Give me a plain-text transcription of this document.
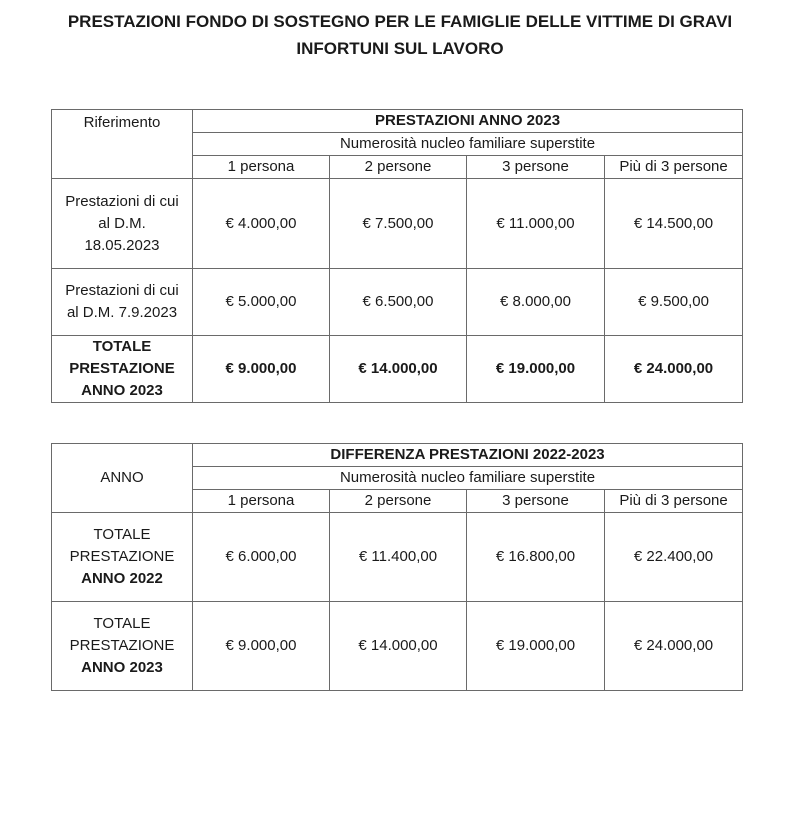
PRESTAZIONI FONDO DI SOSTEGNO PER LE FAMIGLIE DELLE VITTIME DI GRAVI
INFORTUNI SUL LAVORO
Riferimento	PRESTAZIONI ANNO 2023			
	Numerosità nucleo familiare superstite			
	1 persona	2 persone	3 persone	Più di 3 persone

Prestazioni di cui
al D.M.
18.05.2023	€ 4.000,00	€ 7.500,00	€ 11.000,00	€ 14.500,00

Prestazioni di cui
al D.M. 7.9.2023	€ 5.000,00	€ 6.500,00	€ 8.000,00	€ 9.500,00

TOTALE
PRESTAZIONE
ANNO 2023	€ 9.000,00	€ 14.000,00	€ 19.000,00	€ 24.000,00
ANNO	DIFFERENZA PRESTAZIONI 2022-2023			
	Numerosità nucleo familiare superstite			
	1 persona	2 persone	3 persone	Più di 3 persone

TOTALE
PRESTAZIONE
ANNO 2022	€ 6.000,00	€ 11.400,00	€ 16.800,00	€ 22.400,00

TOTALE
PRESTAZIONE
ANNO 2023	€ 9.000,00	€ 14.000,00	€ 19.000,00	€ 24.000,00
